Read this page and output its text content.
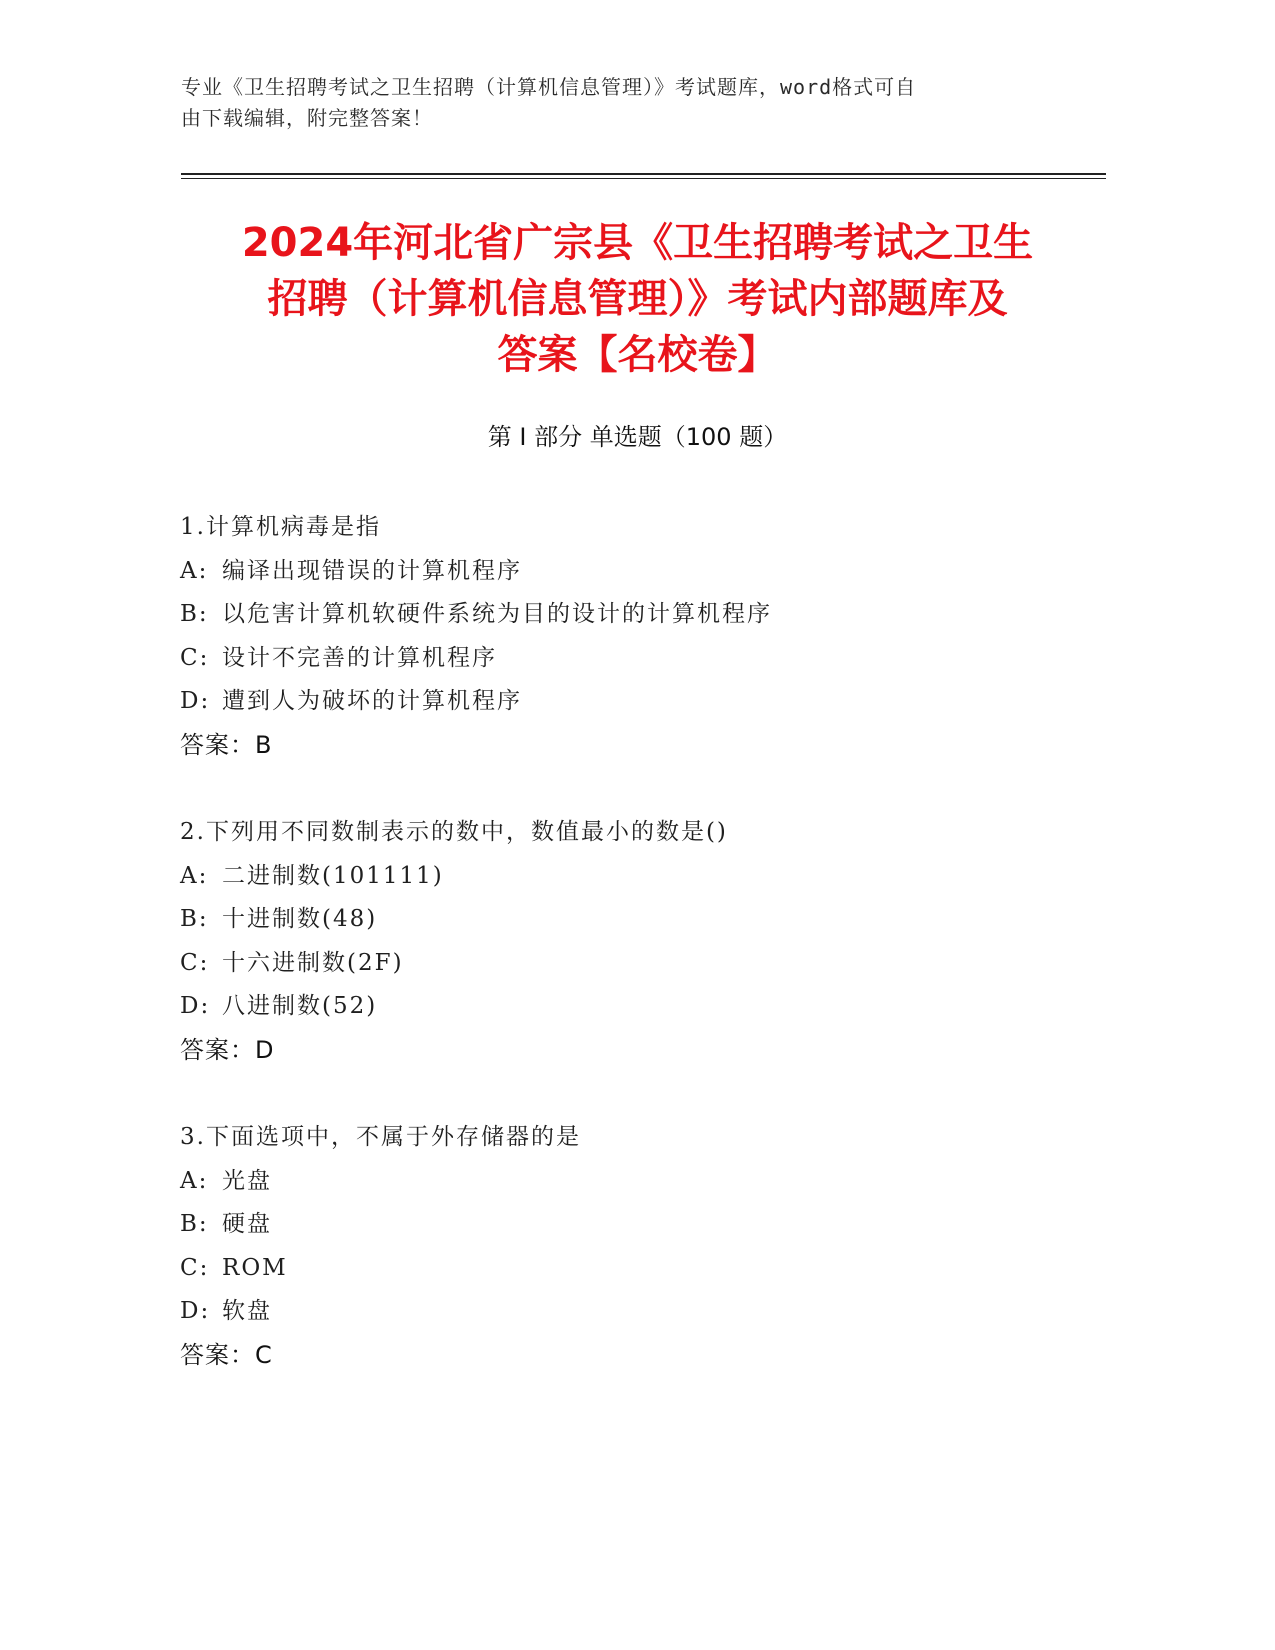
专业《卫生招聘考试之卫生招聘（计算机信息管理）》考试题库，word格式可自
由下载编辑，附完整答案！
2024年河北省广宗县《卫生招聘考试之卫生
招聘（计算机信息管理）》考试内部题库及
答案【名校卷】
第 I 部分 单选题（100 题）
1.计算机病毒是指
A: 编译出现错误的计算机程序
B: 以危害计算机软硬件系统为目的设计的计算机程序
C: 设计不完善的计算机程序
D: 遭到人为破坏的计算机程序
答案：B
2.下列用不同数制表示的数中，数值最小的数是()
A: 二进制数(101111)
B: 十进制数(48)
C: 十六进制数(2F)
D: 八进制数(52)
答案：D
3.下面选项中，不属于外存储器的是
A: 光盘
B: 硬盘
C: ROM
D: 软盘
答案：C
